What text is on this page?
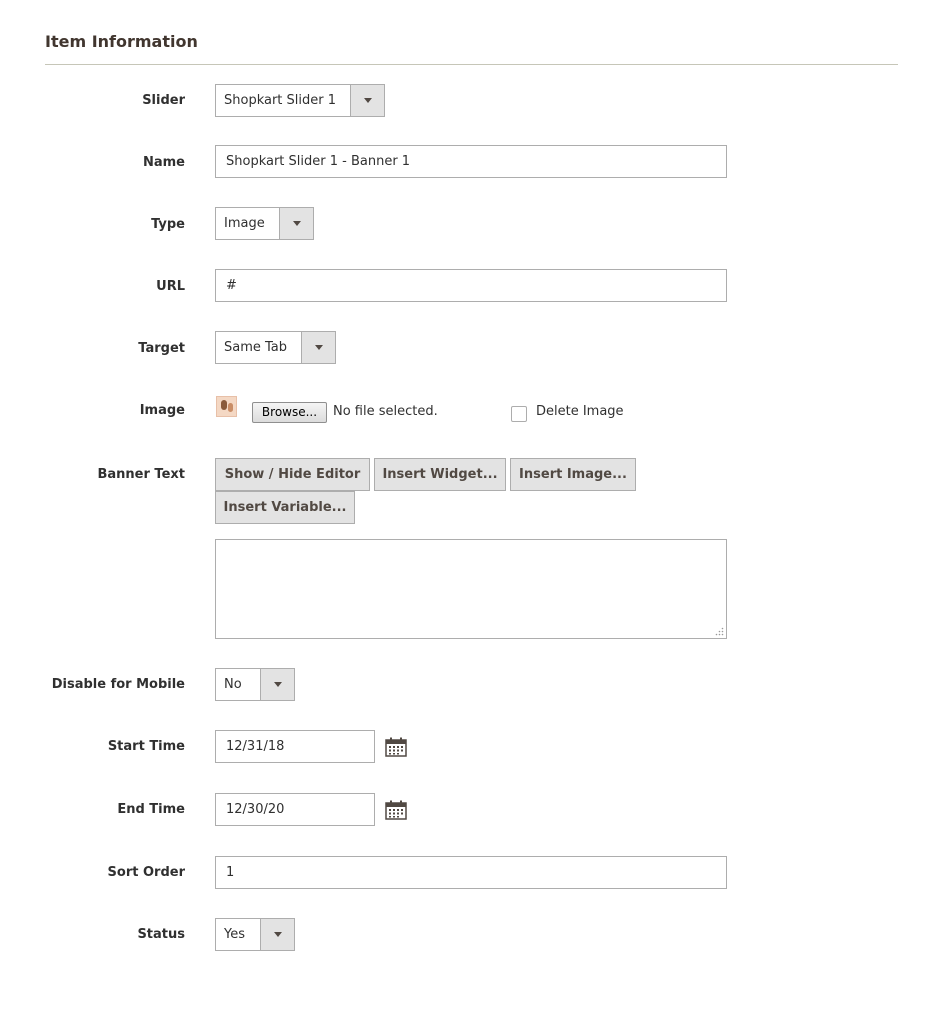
Item Information
Slider	Shopkart Slider 1
Name	Shopkart Slider 1 - Banner 1
Type	Image
URL	#
Target	Same Tab
Image	Browse...	No file selected.	Delete Image
Banner Text	Show / Hide Editor	Insert Widget...	Insert Image...
Insert Variable...
Disable for Mobile	No
Start Time	12/31/18
End Time	12/30/20
Sort Order	1
Status	Yes
